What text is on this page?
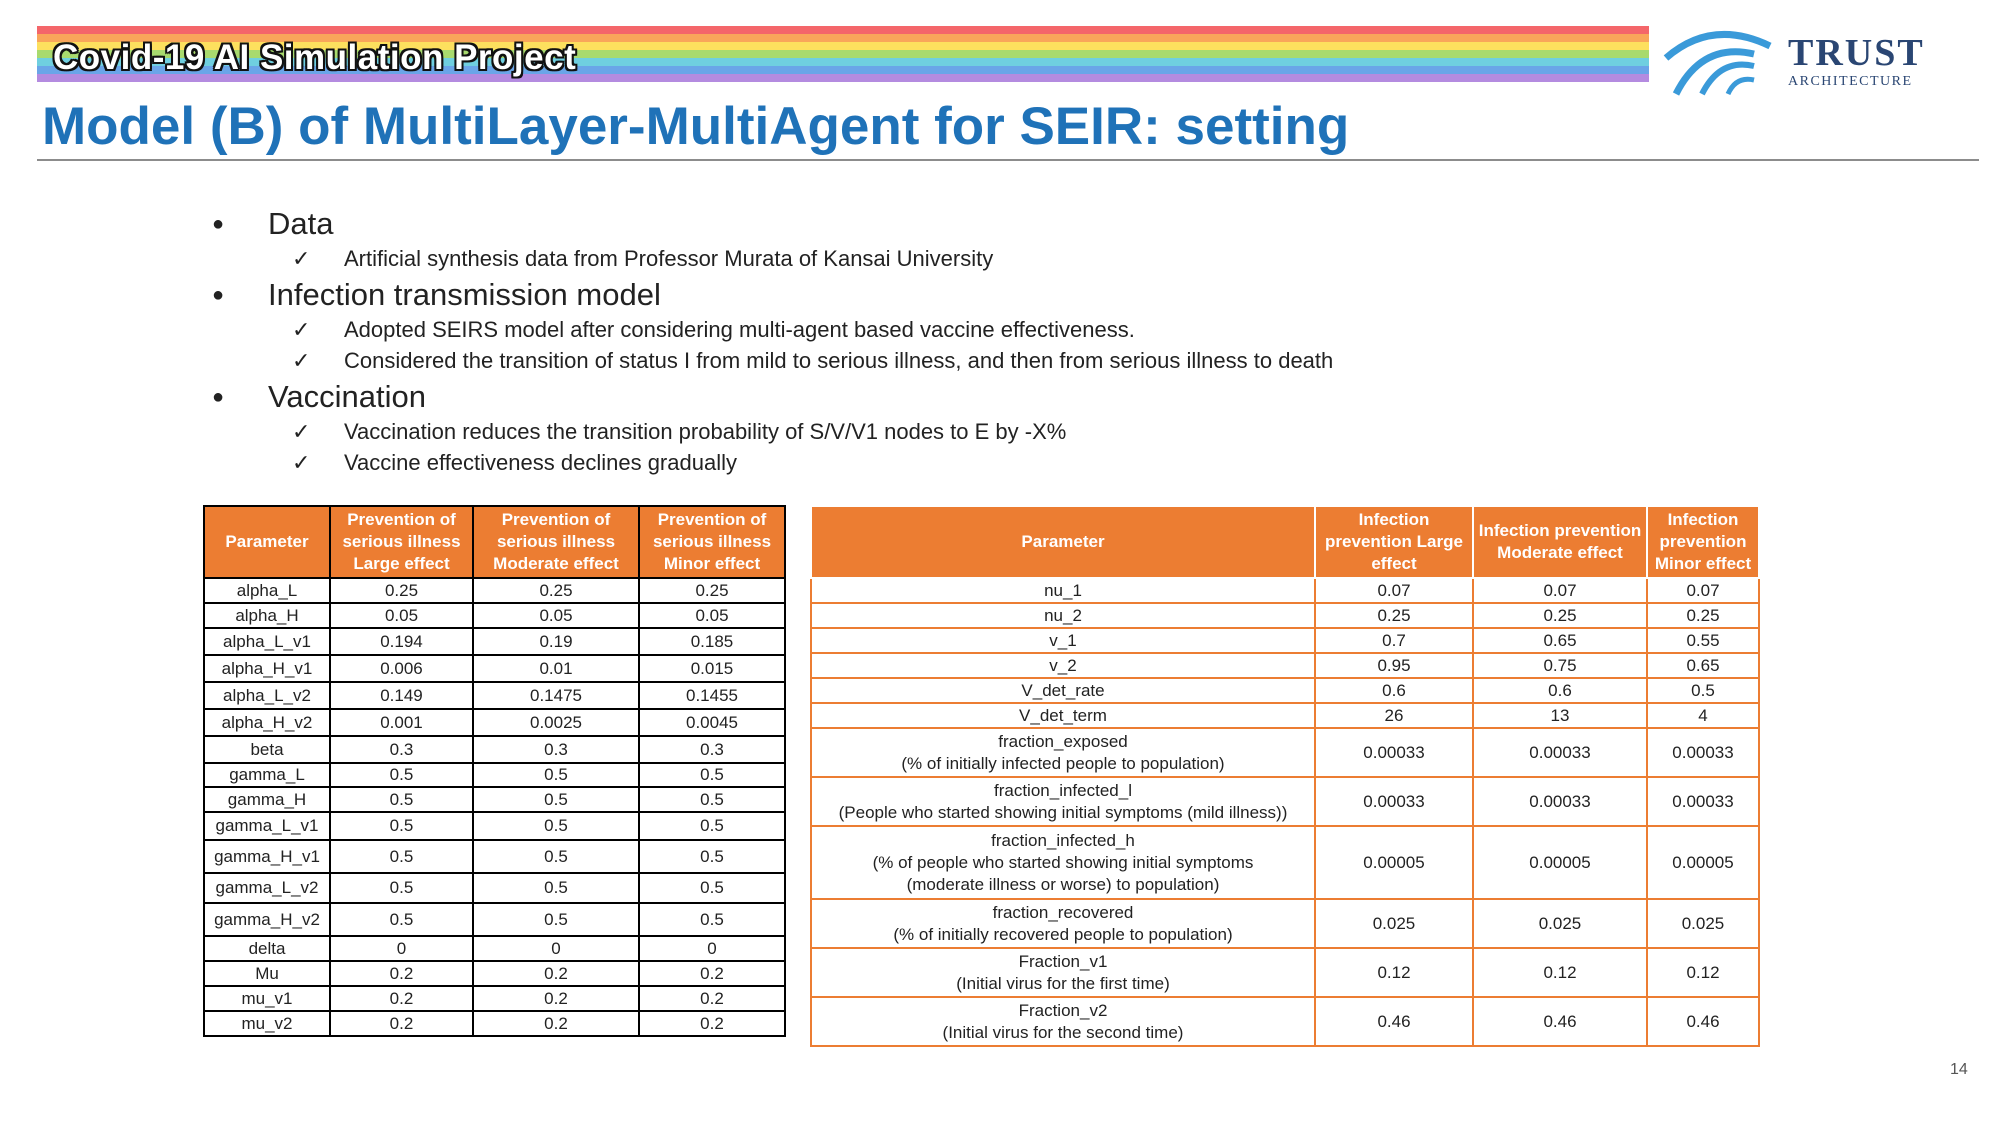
Covid-19 AI Simulation Project	TRUST
ARCHITECTURE
Model (B) of MultiLayer-MultiAgent for SEIR: setting
● Data
✓ Artificial synthesis data from Professor Murata of Kansai University
● Infection transmission model
✓ Adopted SEIRS model after considering multi-agent based vaccine effectiveness.
✓ Considered the transition of status I from mild to serious illness, and then from serious illness to death
● Vaccination
✓ Vaccination reduces the transition probability of S/V/V1 nodes to E by -X%
✓ Vaccine effectiveness declines gradually
Parameter	Prevention of serious illness Large effect	Prevention of serious illness Moderate effect	Prevention of serious illness Minor effect
alpha_L	0.25	0.25	0.25
alpha_H	0.05	0.05	0.05
alpha_L_v1	0.194	0.19	0.185
alpha_H_v1	0.006	0.01	0.015
alpha_L_v2	0.149	0.1475	0.1455
alpha_H_v2	0.001	0.0025	0.0045
beta	0.3	0.3	0.3
gamma_L	0.5	0.5	0.5
gamma_H	0.5	0.5	0.5
gamma_L_v1	0.5	0.5	0.5
gamma_H_v1	0.5	0.5	0.5
gamma_L_v2	0.5	0.5	0.5
gamma_H_v2	0.5	0.5	0.5
delta	0	0	0
Mu	0.2	0.2	0.2
mu_v1	0.2	0.2	0.2
mu_v2	0.2	0.2	0.2
Parameter	Infection prevention Large effect	Infection prevention Moderate effect	Infection prevention Minor effect
nu_1	0.07	0.07	0.07
nu_2	0.25	0.25	0.25
v_1	0.7	0.65	0.55
v_2	0.95	0.75	0.65
V_det_rate	0.6	0.6	0.5
V_det_term	26	13	4
fraction_exposed
(% of initially infected people to population)	0.00033	0.00033	0.00033
fraction_infected_l
(People who started showing initial symptoms (mild illness))	0.00033	0.00033	0.00033
fraction_infected_h
(% of people who started showing initial symptoms
(moderate illness or worse) to population)	0.00005	0.00005	0.00005
fraction_recovered
(% of initially recovered people to population)	0.025	0.025	0.025
Fraction_v1
(Initial virus for the first time)	0.12	0.12	0.12
Fraction_v2
(Initial virus for the second time)	0.46	0.46	0.46
14
